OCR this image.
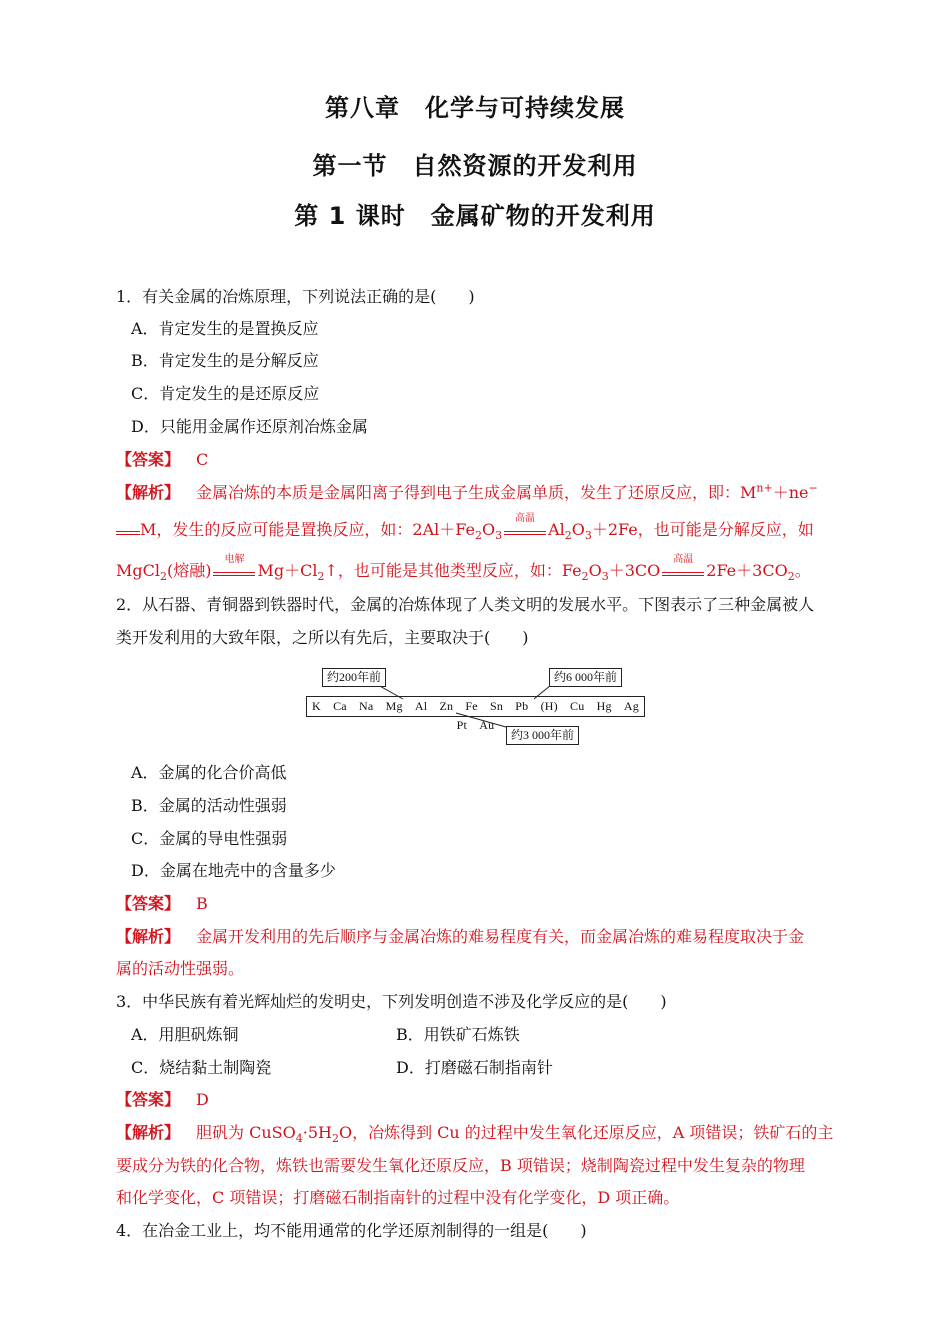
第八章　化学与可持续发展
第一节　自然资源的开发利用
第 1 课时　金属矿物的开发利用
1．有关金属的冶炼原理，下列说法正确的是(　　)
A．肯定发生的是置换反应
B．肯定发生的是分解反应
C．肯定发生的是还原反应
D．只能用金属作还原剂冶炼金属
【答案】 C
【解析】 金属冶炼的本质是金属阳离子得到电子生成金属单质，发生了还原反应，即：$M^{n+}+ne^-$
M，发生的反应可能是置换反应，如：$2Al+Fe_2O_3$
高温
$Al_2O_3+2Fe$，也可能是分解反应，如
MgCl$_2$(熔融)
电解
$Mg+Cl_2↑$，也可能是其他类型反应，如：$Fe_2O_3+3CO$
高温
$2Fe+3CO_2$。
2．从石器、青铜器到铁器时代，金属的冶炼体现了人类文明的发展水平。下图表示了三种金属被人
类开发利用的大致年限，之所以有先后，主要取决于(　　)
约200年前	约6 000年前
K　Ca　Na　Mg　Al　Zn　Fe　Sn　Pb　(H)　Cu　Hg　Ag　Pt　Au
约3 000年前
A．金属的化合价高低
B．金属的活动性强弱
C．金属的导电性强弱
D．金属在地壳中的含量多少
【答案】 B
【解析】 金属开发利用的先后顺序与金属冶炼的难易程度有关，而金属冶炼的难易程度取决于金
属的活动性强弱。
3．中华民族有着光辉灿烂的发明史，下列发明创造不涉及化学反应的是(　　)
A．用胆矾炼铜	B．用铁矿石炼铁
C．烧结黏土制陶瓷	D．打磨磁石制指南针
【答案】 D
【解析】 胆矾为 $CuSO_4\cdot 5H_2O$，冶炼得到 Cu 的过程中发生氧化还原反应，A 项错误；铁矿石的主
要成分为铁的化合物，炼铁也需要发生氧化还原反应，B 项错误；烧制陶瓷过程中发生复杂的物理
和化学变化，C 项错误；打磨磁石制指南针的过程中没有化学变化，D 项正确。
4．在冶金工业上，均不能用通常的化学还原剂制得的一组是(　　)
